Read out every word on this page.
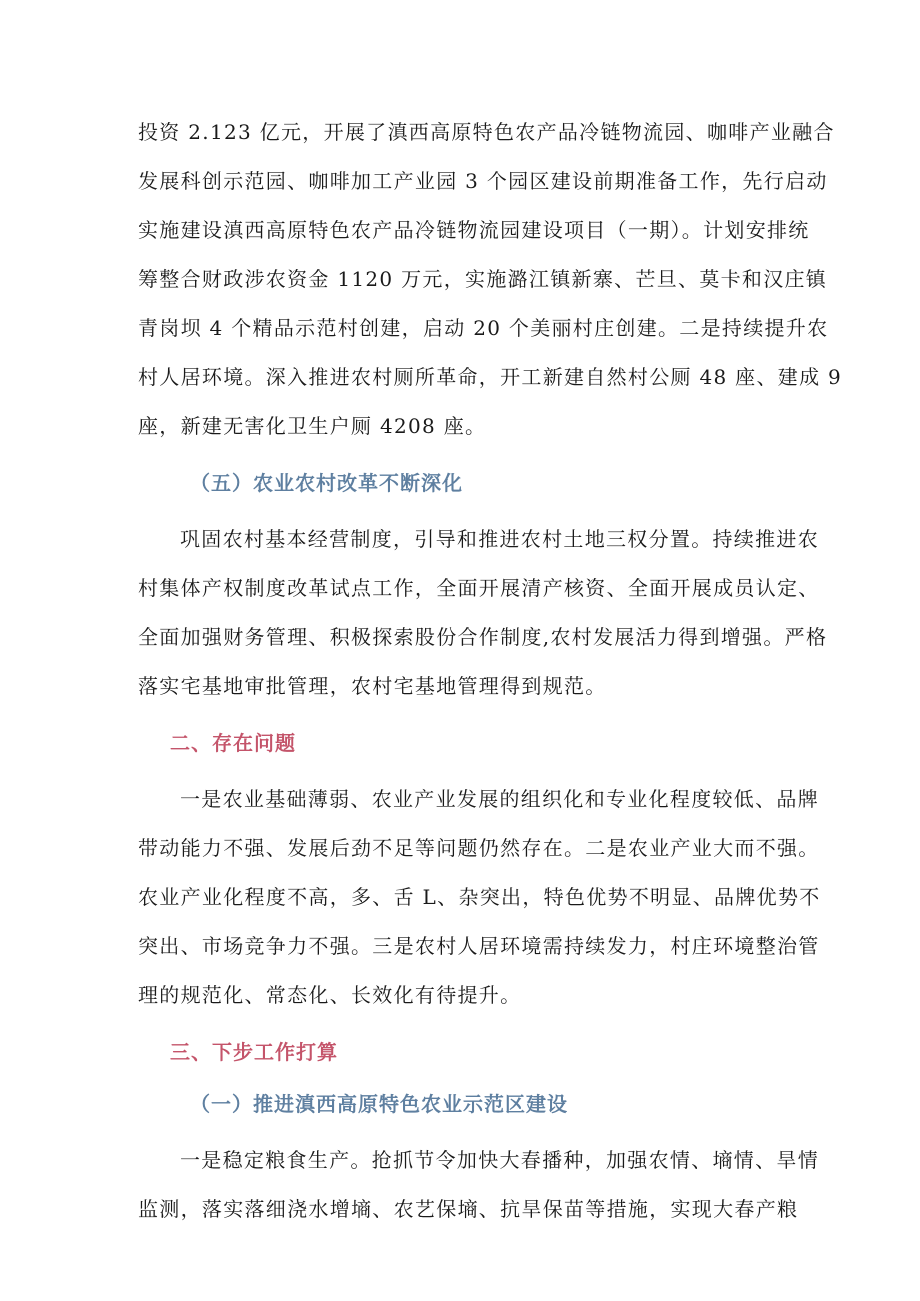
投资 2.123 亿元，开展了滇西高原特色农产品冷链物流园、咖啡产业融合
发展科创示范园、咖啡加工产业园 3 个园区建设前期准备工作，先行启动
实施建设滇西高原特色农产品冷链物流园建设项目（一期）。计划安排统
筹整合财政涉农资金 1120 万元，实施潞江镇新寨、芒旦、莫卡和汉庄镇
青岗坝 4 个精品示范村创建，启动 20 个美丽村庄创建。二是持续提升农
村人居环境。深入推进农村厕所革命，开工新建自然村公厕 48 座、建成 9
座，新建无害化卫生户厕 4208 座。

（五）农业农村改革不断深化

巩固农村基本经营制度，引导和推进农村土地三权分置。持续推进农
村集体产权制度改革试点工作，全面开展清产核资、全面开展成员认定、
全面加强财务管理、积极探索股份合作制度,农村发展活力得到增强。严格
落实宅基地审批管理，农村宅基地管理得到规范。

二、存在问题

一是农业基础薄弱、农业产业发展的组织化和专业化程度较低、品牌
带动能力不强、发展后劲不足等问题仍然存在。二是农业产业大而不强。
农业产业化程度不高，多、舌 L、杂突出，特色优势不明显、品牌优势不
突出、市场竞争力不强。三是农村人居环境需持续发力，村庄环境整治管
理的规范化、常态化、长效化有待提升。

三、下步工作打算
（一）推进滇西高原特色农业示范区建设

一是稳定粮食生产。抢抓节令加快大春播种，加强农情、墒情、旱情
监测，落实落细浇水增墒、农艺保墒、抗旱保苗等措施，实现大春产粮
